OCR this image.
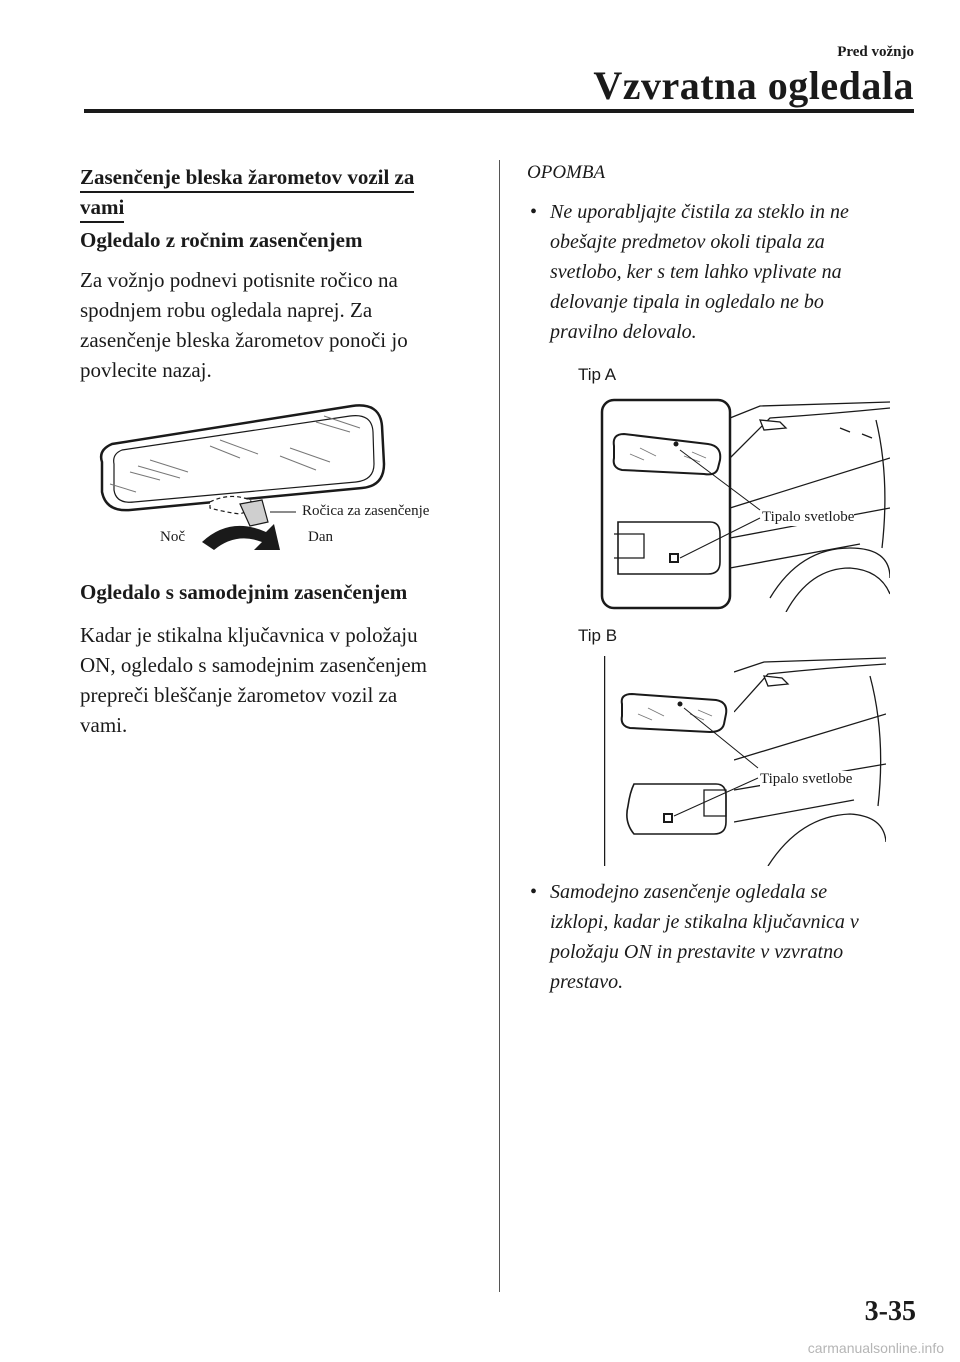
Pred vožnjo
Vzvratna ogledala
Zasenčenje bleska žarometov vozil za
vami
Ogledalo z ročnim zasenčenjem
Za vožnjo podnevi potisnite ročico na
spodnjem robu ogledala naprej. Za
zasenčenje bleska žarometov ponoči jo
povlecite nazaj.
Ročica za zasenčenje
Noč	Dan
Ogledalo s samodejnim zasenčenjem
Kadar je stikalna ključavnica v položaju
ON, ogledalo s samodejnim zasenčenjem
prepreči bleščanje žarometov vozil za
vami.
OPOMBA
• Ne uporabljajte čistila za steklo in ne
obešajte predmetov okoli tipala za
svetlobo, ker s tem lahko vplivate na
delovanje tipala in ogledalo ne bo
pravilno delovalo.
Tip A
Tipalo svetlobe
Tip B
Tipalo svetlobe
• Samodejno zasenčenje ogledala se
izklopi, kadar je stikalna ključavnica v
položaju ON in prestavite v vzvratno
prestavo.
3-35
carmanualsonline.info
